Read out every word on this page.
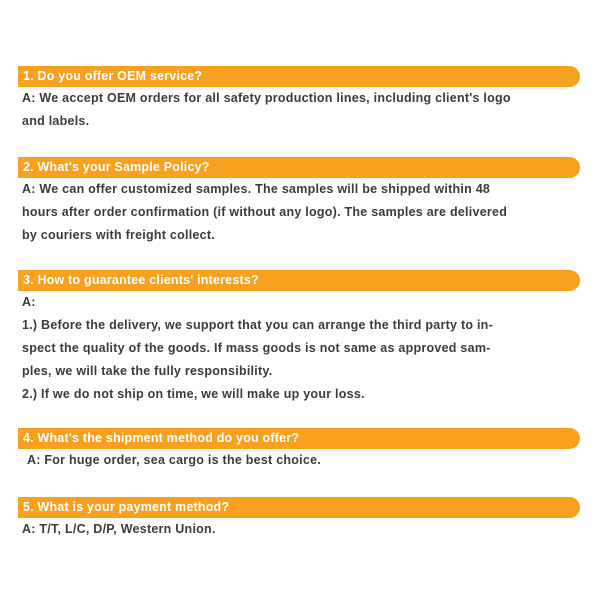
1. Do you offer OEM service?

A: We accept OEM orders for all safety production lines, including client's logo

and labels.

2. What's your Sample Policy?

A: We can offer customized samples. The samples will be shipped within 48

hours after order confirmation (if without any logo). The samples are delivered

by couriers with freight collect.

3. How to guarantee clients' interests?

A:

1.) Before the delivery, we support that you can arrange the third party to in-

spect the quality of the goods. If mass goods is not same as approved sam-

ples, we will take the fully responsibility.

2.) If we do not ship on time, we will make up your loss.

4. What's the shipment method do you offer?

A: For huge order, sea cargo is the best choice.

5. What is your payment method?

A: T/T, L/C, D/P, Western Union.
